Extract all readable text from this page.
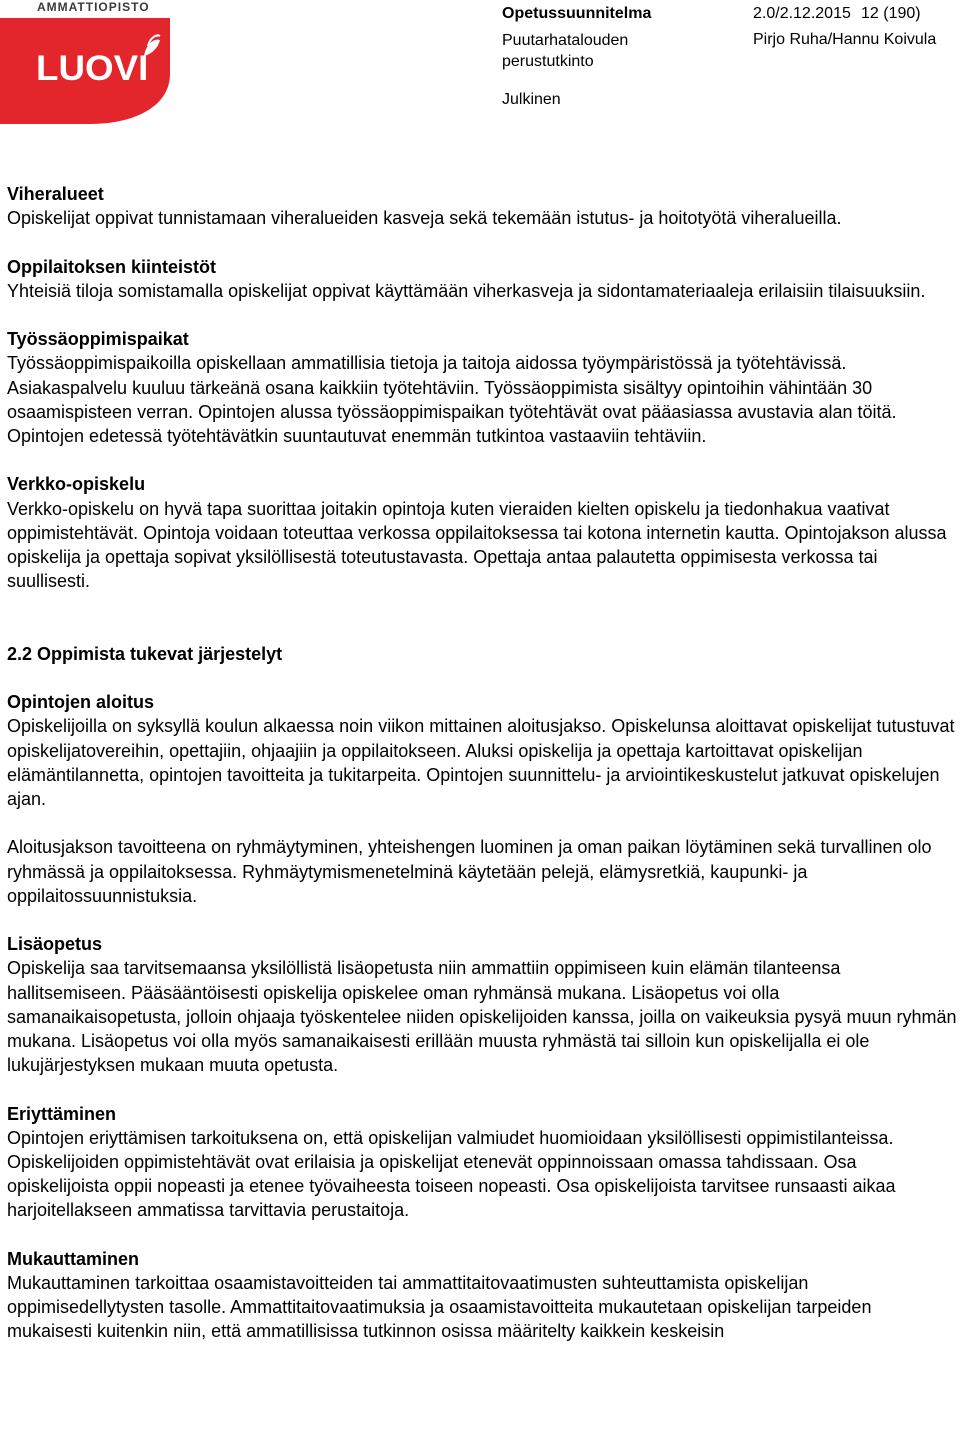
AMMATTIOPISTO
LUOVI
Opetussuunnitelma	2.0/2.12.2015 12 (190)
Puutarhatalouden
perustutkinto
Pirjo Ruha/Hannu Koivula
Julkinen
Viheralueet
Opiskelijat oppivat tunnistamaan viheralueiden kasveja sekä tekemään istutus- ja hoitotyötä viheralueilla.
Oppilaitoksen kiinteistöt
Yhteisiä tiloja somistamalla opiskelijat oppivat käyttämään viherkasveja ja sidontamateriaaleja erilaisiin tilaisuuksiin.
Työssäoppimispaikat
Työssäoppimispaikoilla opiskellaan ammatillisia tietoja ja taitoja aidossa työympäristössä ja työtehtävissä. Asiakaspalvelu kuuluu tärkeänä osana kaikkiin työtehtäviin. Työssäoppimista sisältyy opintoihin vähintään 30 osaamispisteen verran. Opintojen alussa työssäoppimispaikan työtehtävät ovat pääasiassa avustavia alan töitä. Opintojen edetessä työtehtävätkin suuntautuvat enemmän tutkintoa vastaaviin tehtäviin.
Verkko-opiskelu
Verkko-opiskelu on hyvä tapa suorittaa joitakin opintoja kuten vieraiden kielten opiskelu ja tiedonhakua vaativat oppimistehtävät. Opintoja voidaan toteuttaa verkossa oppilaitoksessa tai kotona internetin kautta. Opintojakson alussa opiskelija ja opettaja sopivat yksilöllisestä toteutustavasta. Opettaja antaa palautetta oppimisesta verkossa tai suullisesti.
2.2 Oppimista tukevat järjestelyt
Opintojen aloitus
Opiskelijoilla on syksyllä koulun alkaessa noin viikon mittainen aloitusjakso. Opiskelunsa aloittavat opiskelijat tutustuvat opiskelijatovereihin, opettajiin, ohjaajiin ja oppilaitokseen. Aluksi opiskelija ja opettaja kartoittavat opiskelijan elämäntilannetta, opintojen tavoitteita ja tukitarpeita. Opintojen suunnittelu- ja arviointikeskustelut jatkuvat opiskelujen ajan.
Aloitusjakson tavoitteena on ryhmäytyminen, yhteishengen luominen ja oman paikan löytäminen sekä turvallinen olo ryhmässä ja oppilaitoksessa. Ryhmäytymismenetelminä käytetään pelejä, elämysretkiä, kaupunki- ja oppilaitossuunnistuksia.
Lisäopetus
Opiskelija saa tarvitsemaansa yksilöllistä lisäopetusta niin ammattiin oppimiseen kuin elämän tilanteensa hallitsemiseen. Pääsääntöisesti opiskelija opiskelee oman ryhmänsä mukana. Lisäopetus voi olla samanaikaisopetusta, jolloin ohjaaja työskentelee niiden opiskelijoiden kanssa, joilla on vaikeuksia pysyä muun ryhmän mukana. Lisäopetus voi olla myös samanaikaisesti erillään muusta ryhmästä tai silloin kun opiskelijalla ei ole lukujärjestyksen mukaan muuta opetusta.
Eriyttäminen
Opintojen eriyttämisen tarkoituksena on, että opiskelijan valmiudet huomioidaan yksilöllisesti oppimistilanteissa. Opiskelijoiden oppimistehtävät ovat erilaisia ja opiskelijat etenevät oppinnoissaan omassa tahdissaan. Osa opiskelijoista oppii nopeasti ja etenee työvaiheesta toiseen nopeasti. Osa opiskelijoista tarvitsee runsaasti aikaa harjoitellakseen ammatissa tarvittavia perustaitoja.
Mukauttaminen
Mukauttaminen tarkoittaa osaamistavoitteiden tai ammattitaitovaatimusten suhteuttamista opiskelijan oppimisedellytysten tasolle. Ammattitaitovaatimuksia ja osaamistavoitteita mukautetaan opiskelijan tarpeiden mukaisesti kuitenkin niin, että ammatillisissa tutkinnon osissa määritelty kaikkein keskeisin
